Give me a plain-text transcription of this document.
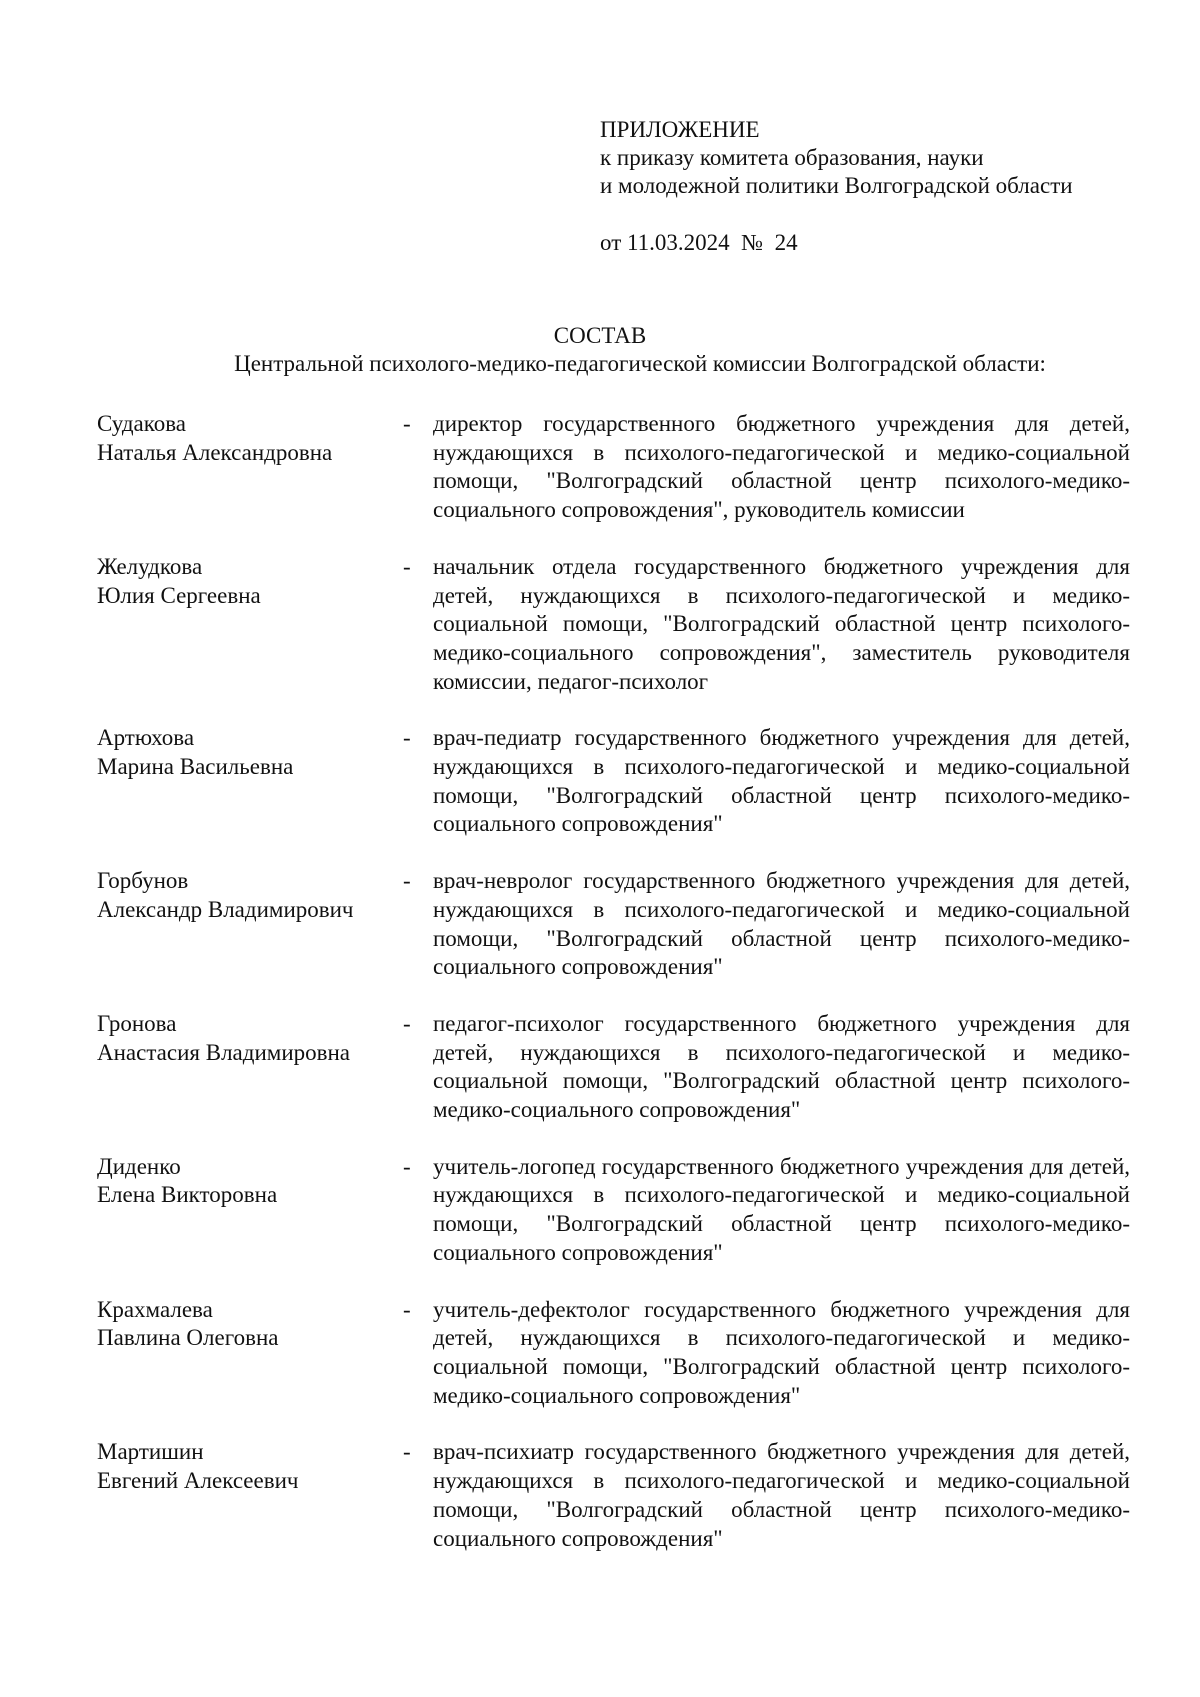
ПРИЛОЖЕНИЕ
к приказу комитета образования, науки
и молодежной политики Волгоградской области
от 11.03.2024  №  24
СОСТАВ
Центральной психолого-медико-педагогической комиссии Волгоградской области:
Судакова
Наталья Александровна
- директор государственного бюджетного учреждения для детей, нуждающихся в психолого-педагогической и медико-социальной помощи, "Волгоградский областной центр психолого-медико-социального сопровождения", руководитель комиссии
Желудкова
Юлия Сергеевна
- начальник отдела государственного бюджетного учреждения для детей, нуждающихся в психолого-педагогической и медико-социальной помощи, "Волгоградский областной центр психолого-медико-социального сопровождения", заместитель руководителя комиссии, педагог-психолог
Артюхова
Марина Васильевна
- врач-педиатр государственного бюджетного учреждения для детей, нуждающихся в психолого-педагогической и медико-социальной помощи, "Волгоградский областной центр психолого-медико-социального сопровождения"
Горбунов
Александр Владимирович
- врач-невролог государственного бюджетного учреждения для детей, нуждающихся в психолого-педагогической и медико-социальной помощи, "Волгоградский областной центр психолого-медико-социального сопровождения"
Гронова
Анастасия Владимировна
- педагог-психолог государственного бюджетного учреждения для детей, нуждающихся в психолого-педагогической и медико-социальной помощи, "Волгоградский областной центр психолого-медико-социального сопровождения"
Диденко
Елена Викторовна
- учитель-логопед государственного бюджетного учреждения для детей, нуждающихся в психолого-педагогической и медико-социальной помощи, "Волгоградский областной центр психолого-медико-социального сопровождения"
Крахмалева
Павлина Олеговна
- учитель-дефектолог государственного бюджетного учреждения для детей, нуждающихся в психолого-педагогической и медико-социальной помощи, "Волгоградский областной центр психолого-медико-социального сопровождения"
Мартишин
Евгений Алексеевич
- врач-психиатр государственного бюджетного учреждения для детей, нуждающихся в психолого-педагогической и медико-социальной помощи, "Волгоградский областной центр психолого-медико-социального сопровождения"
